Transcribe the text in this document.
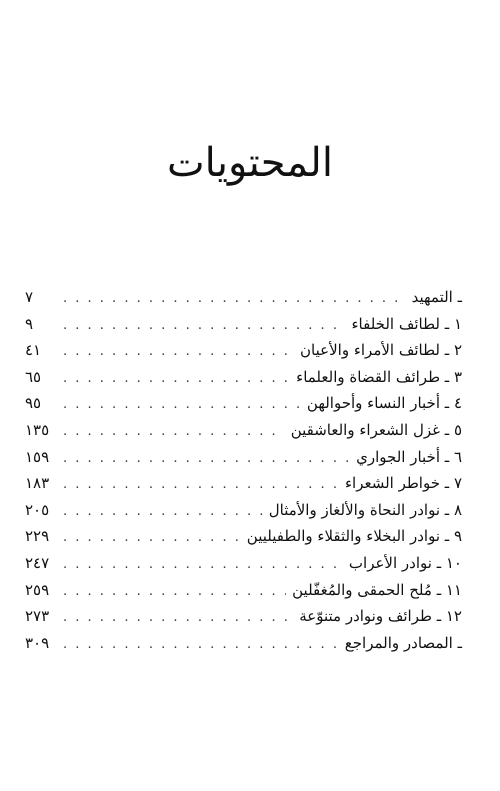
المحتويات
ـ التمهيد
. . .
٧
١ ـ لطائف الخلفاء
. . .
٩
٢ ـ لطائف الأمراء والأعيان
. . .
٤١
٣ ـ طرائف القضاة والعلماء
. . .
٦٥
٤ ـ أخبار النساء وأحوالهن
. . .
٩٥
٥ ـ غزل الشعراء والعاشقين
. . .
١٣٥
٦ ـ أخبار الجواري
. . .
١٥٩
٧ ـ خواطر الشعراء
. . .
١٨٣
٨ ـ نوادر النحاة والألغاز والأمثال
. . .
٢٠٥
٩ ـ نوادر البخلاء والثقلاء والطفيليين
. . .
٢٢٩
١٠ ـ نوادر الأعراب
. . .
٢٤٧
١١ ـ مُلح الحمقى والمُغفّلين
. . .
٢٥٩
١٢ ـ طرائف ونوادر متنوّعة
. . .
٢٧٣
ـ المصادر والمراجع
. . .
٣٠٩
